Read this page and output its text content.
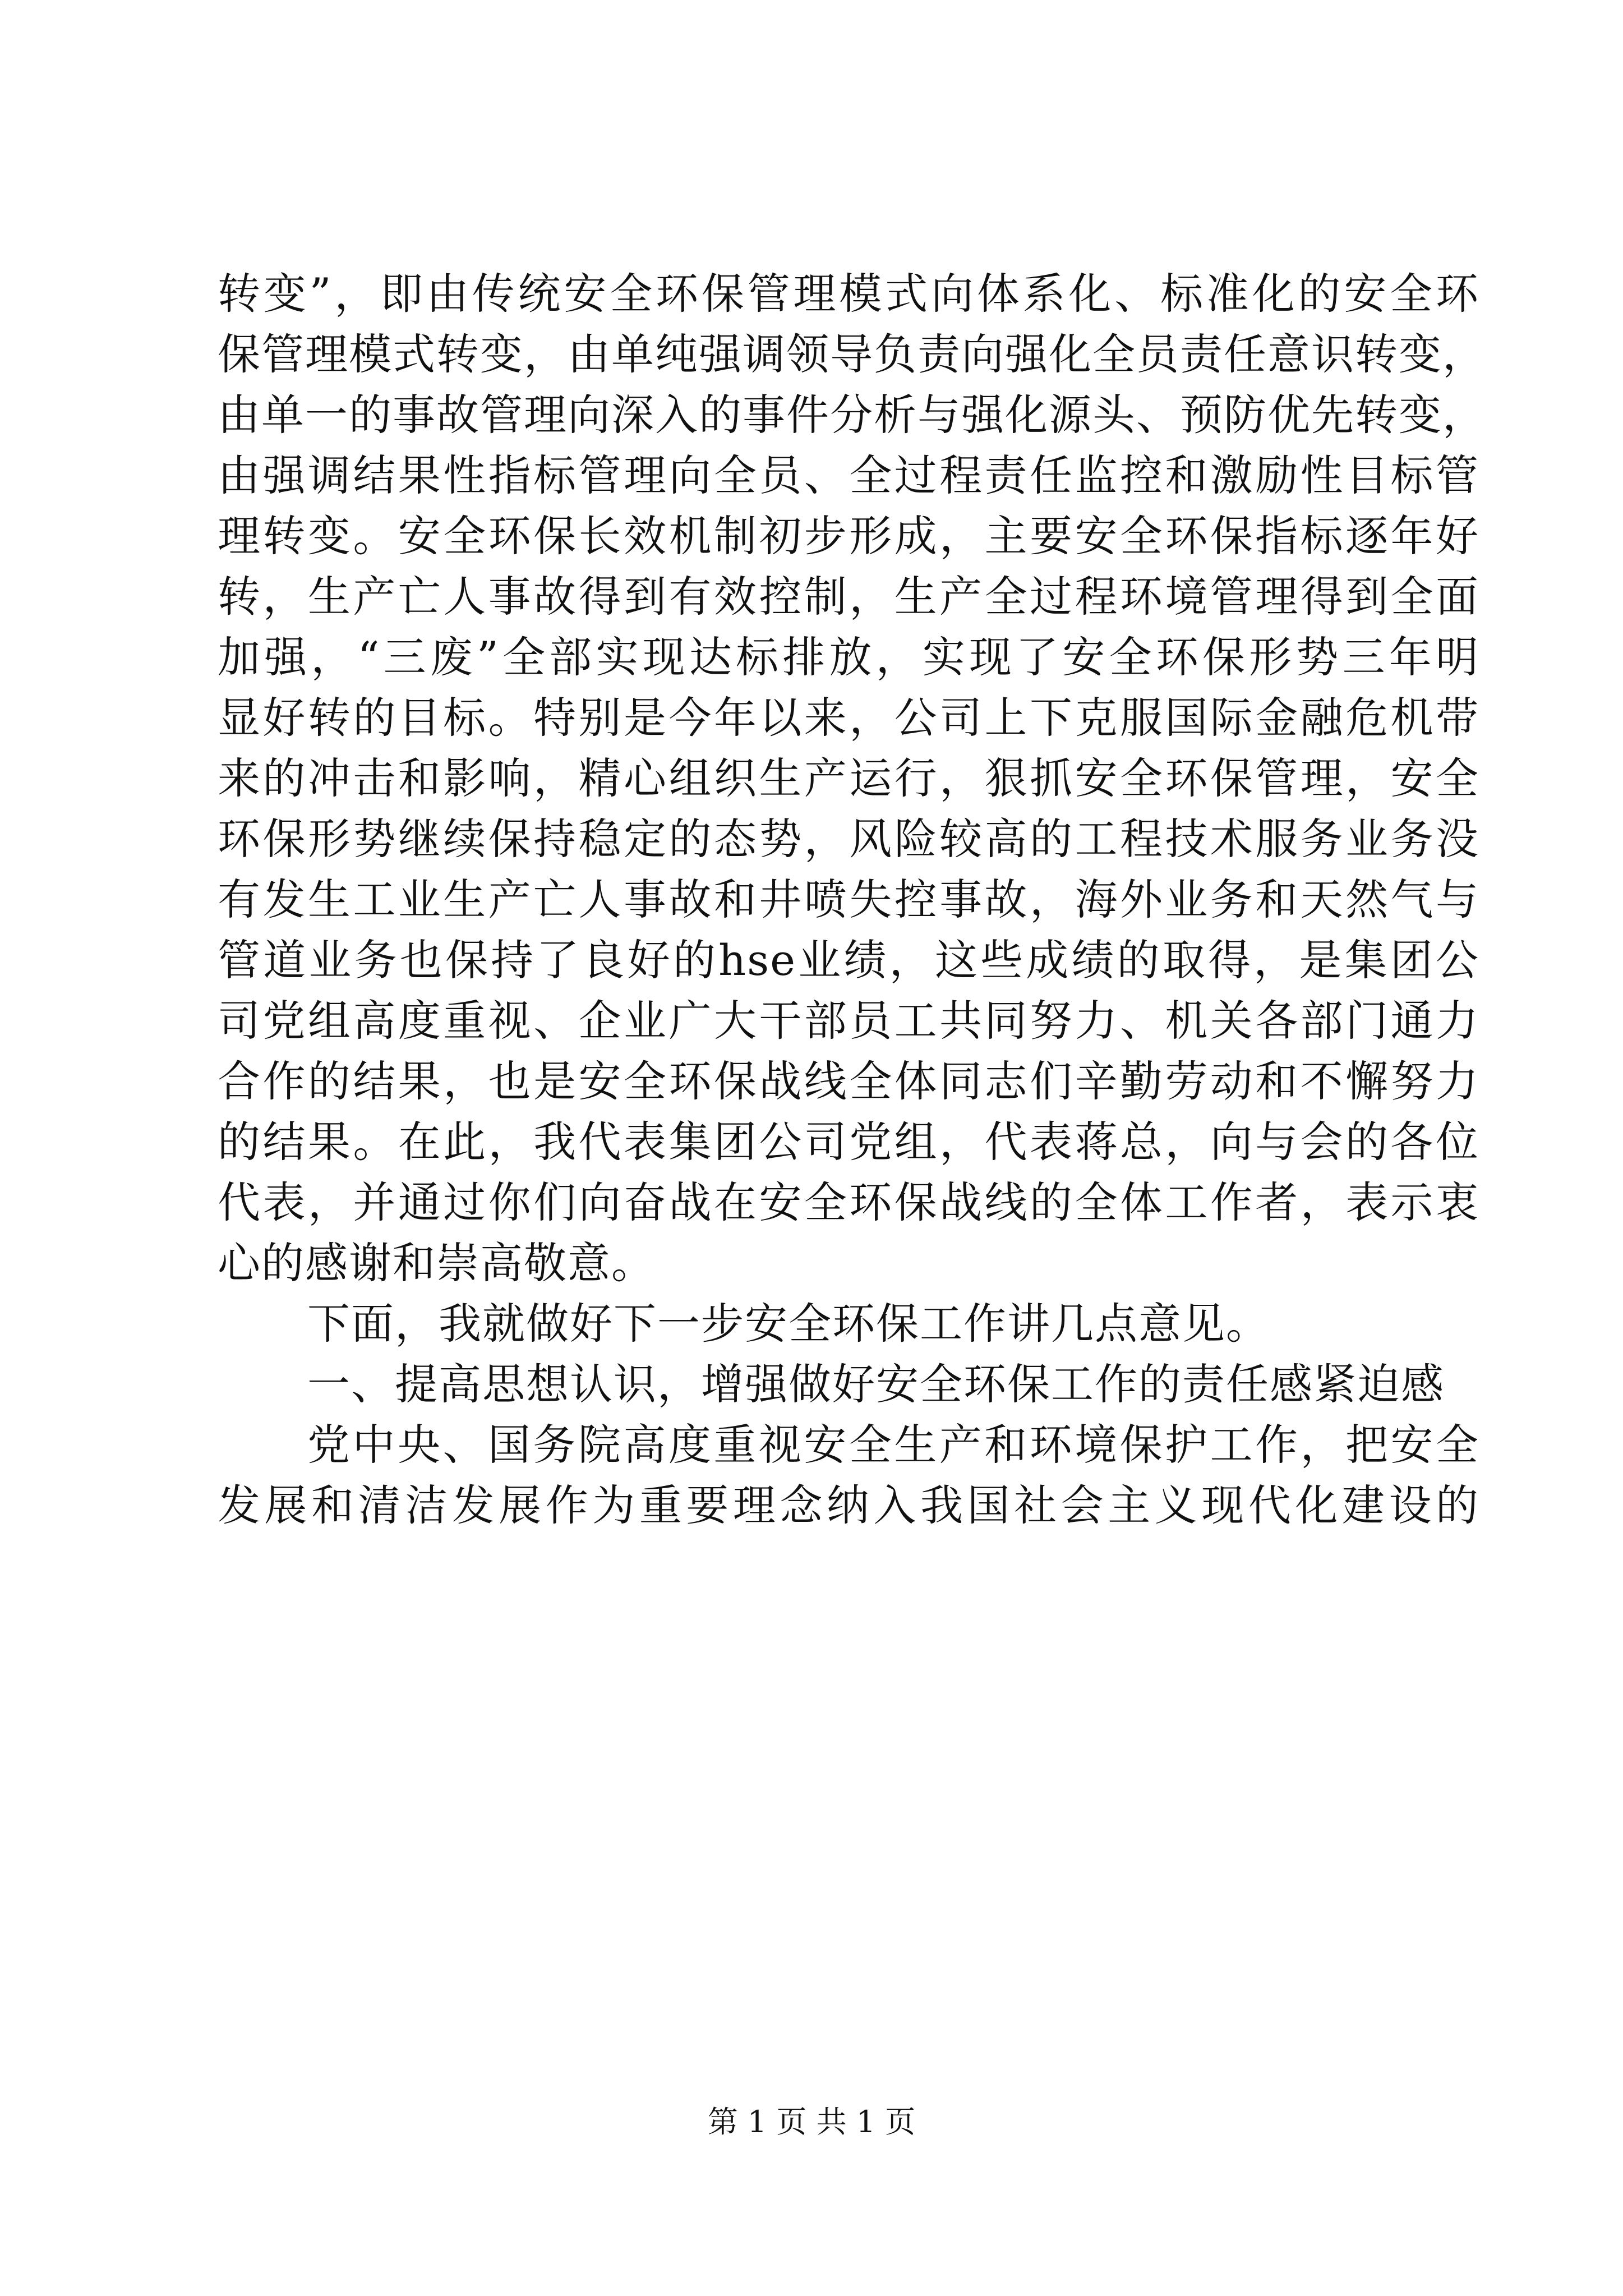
转变”，即由传统安全环保管理模式向体系化、标准化的安全环
保管理模式转变，由单纯强调领导负责向强化全员责任意识转变，
由单一的事故管理向深入的事件分析与强化源头、预防优先转变，
由强调结果性指标管理向全员、全过程责任监控和激励性目标管
理转变。安全环保长效机制初步形成，主要安全环保指标逐年好
转，生产亡人事故得到有效控制，生产全过程环境管理得到全面
加强，“三废”全部实现达标排放，实现了安全环保形势三年明
显好转的目标。特别是今年以来，公司上下克服国际金融危机带
来的冲击和影响，精心组织生产运行，狠抓安全环保管理，安全
环保形势继续保持稳定的态势，风险较高的工程技术服务业务没
有发生工业生产亡人事故和井喷失控事故，海外业务和天然气与
管道业务也保持了良好的hse业绩，这些成绩的取得，是集团公
司党组高度重视、企业广大干部员工共同努力、机关各部门通力
合作的结果，也是安全环保战线全体同志们辛勤劳动和不懈努力
的结果。在此，我代表集团公司党组，代表蒋总，向与会的各位
代表，并通过你们向奋战在安全环保战线的全体工作者，表示衷
心的感谢和崇高敬意。
下面，我就做好下一步安全环保工作讲几点意见。
一、提高思想认识，增强做好安全环保工作的责任感紧迫感
党中央、国务院高度重视安全生产和环境保护工作，把安全
发展和清洁发展作为重要理念纳入我国社会主义现代化建设的
第 1 页 共 1 页
